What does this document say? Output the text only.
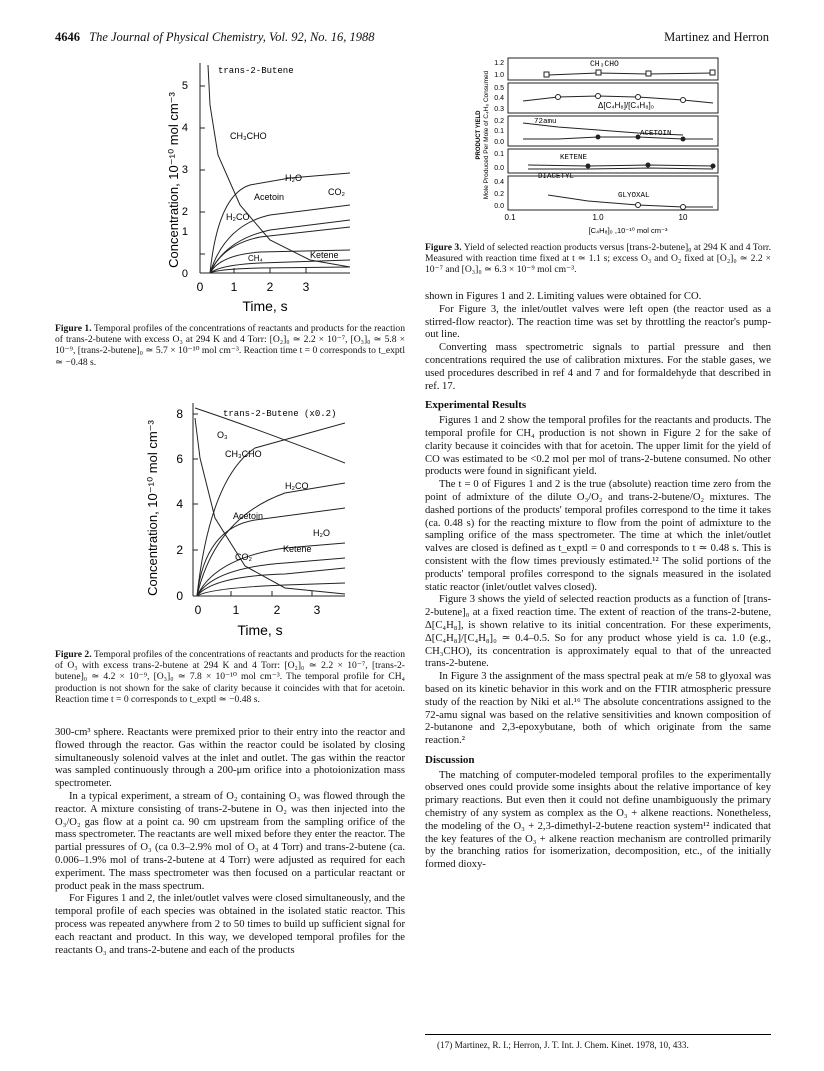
4646 The Journal of Physical Chemistry, Vol. 92, No. 16, 1988	Martinez and Herron
Concentration, 10⁻¹⁰ mol cm⁻³
0
1
2
3
4
5
0 1 2 3
Time, s
trans-2-Butene
CH₃CHO
H₂O
Acetoin	CO₂
H₂CO
CH₄	Ketene
Figure 1. Temporal profiles of the concentrations of reactants and products for the reaction of trans-2-butene with excess O₃ at 294 K and 4 Torr: [O₂]₀ ≃ 2.2 × 10⁻⁷, [O₃]₀ ≃ 5.8 × 10⁻⁹, [trans-2-butene]₀ ≃ 5.7 × 10⁻¹⁰ mol cm⁻³. Reaction time t = 0 corresponds to t_exptl ≃ −0.48 s.
Concentration, 10⁻¹⁰ mol cm⁻³
0
2
4
6
8
0	1	2	3
Time, s
trans-2-Butene (x0.2)
O₃
CH₃CHO
H₂CO
Acetoin
H₂O
Ketene
CO₂
Figure 2. Temporal profiles of the concentrations of reactants and products for the reaction of O₃ with excess trans-2-butene at 294 K and 4 Torr: [O₂]₀ ≃ 2.2 × 10⁻⁷, [trans-2-butene]₀ ≃ 4.2 × 10⁻⁹, [O₃]₀ ≃ 7.8 × 10⁻¹⁰ mol cm⁻³. The temporal profile for CH₄ production is not shown for the sake of clarity because it coincides with that for acetoin. Reaction time t = 0 corresponds to t_exptl ≃ −0.48 s.

300-cm³ sphere. Reactants were premixed prior to their entry into the reactor and flowed through the reactor. Gas within the reactor could be isolated by closing simultaneously solenoid valves at the inlet and outlet. The gas within the reactor was sampled continuously through a 200-μm orifice into a photoionization mass spectrometer.

In a typical experiment, a stream of O₂ containing O₃ was flowed through the reactor. A mixture consisting of trans-2-butene in O₂ was then injected into the O₃/O₂ gas flow at a point ca. 90 cm upstream from the sampling orifice of the mass spectrometer. The reactants are well mixed before they enter the reactor. The partial pressures of O₃ (ca 0.3–2.9% mol of O₃ at 4 Torr) and trans-2-butene (ca. 0.006–1.9% mol of trans-2-butene at 4 Torr) were adjusted as required for each experiment. The mass spectrometer was then focused on a particular reactant or product peak in the mass spectrum.

For Figures 1 and 2, the inlet/outlet valves were closed simultaneously, and the temporal profile of each species was obtained in the isolated static reactor. This process was repeated anywhere from 2 to 50 times to build up sufficient signal for each reactant and product. In this way, we developed temporal profiles for the reactants O₃ and trans-2-butene and each of the products

PRODUCT YIELD Mole Produced Per Mole of C₄H₈ Consumed
1.2
1.0
0.5
0.4
0.3
0.2
0.1
0.0
0.1
0.0
0.4
0.2
0.0
CH₃CHO
Δ[C₄H₈]/[C₄H₈]₀
72amu
ACETOIN
KETENE
DIACETYL
GLYOXAL
0.1	1.0	10
[C₄H₈]₀ ,10⁻¹⁰ mol cm⁻³
Figure 3. Yield of selected reaction products versus [trans-2-butene]₀ at 294 K and 4 Torr. Measured with reaction time fixed at t ≃ 1.1 s; excess O₃ and O₂ fixed at [O₂]₀ ≃ 2.2 × 10⁻⁷ and [O₃]₀ ≃ 6.3 × 10⁻⁹ mol cm⁻³.

shown in Figures 1 and 2. Limiting values were obtained for CO.

For Figure 3, the inlet/outlet valves were left open (the reactor used as a stirred-flow reactor). The reaction time was set by throttling the reactor's pump-out line.

Converting mass spectrometric signals to partial pressure and then concentrations required the use of calibration mixtures. For the stable gases, we used procedures described in ref 4 and 7 and for formaldehyde that described in ref. 17.

Experimental Results

Figures 1 and 2 show the temporal profiles for the reactants and products. The temporal profile for CH₄ production is not shown in Figure 2 for the sake of clarity because it coincides with that for acetoin. The upper limit for the yield of CO was estimated to be <0.2 mol per mol of trans-2-butene consumed. No other products were found in significant yield.

The t = 0 of Figures 1 and 2 is the true (absolute) reaction time zero from the point of admixture of the dilute O₃/O₂ and trans-2-butene/O₂ mixtures. The dashed portions of the products' temporal profiles correspond to the time it takes (ca. 0.48 s) for the reacting mixture to flow from the point of admixture to the sampling orifice of the mass spectrometer. The time at which the inlet/outlet valves are closed is defined as t_exptl = 0 and corresponds to t ≃ 0.48 s. This is consistent with the flow times previously estimated.¹² The solid portions of the products' temporal profiles correspond to the signals measured in the isolated static reactor (inlet/outlet valves closed).

Figure 3 shows the yield of selected reaction products as a function of [trans-2-butene]₀ at a fixed reaction time. The extent of reaction of the trans-2-butene, Δ[C₄H₈], is shown relative to its initial concentration. For these experiments, Δ[C₄H₈]/[C₄H₈]₀ ≃ 0.4–0.5. So for any product whose yield is ca. 1.0 (e.g., CH₃CHO), its concentration is approximately equal to that of the unreacted trans-2-butene.

In Figure 3 the assignment of the mass spectral peak at m/e 58 to glyoxal was based on its kinetic behavior in this work and on the FTIR atmospheric pressure study of the reaction by Niki et al.¹⁶ The absolute concentrations assigned to the 72-amu signal was based on the relative sensitivities and known composition of 2-butanone and 2,3-epoxybutane, both of which originate from the same reaction.²

Discussion

The matching of computer-modeled temporal profiles to the experimentally observed ones could provide some insights about the relative importance of key primary reactions. But even then it could not define unambiguously the primary chemistry of any system as complex as the O₃ + alkene reactions. Nonetheless, the modeling of the O₃ + 2,3-dimethyl-2-butene reaction system¹² indicated that the key features of the O₃ + alkene reaction mechanism are controlled primarily by the branching ratios for isomerization, decomposition, etc., of the initially formed dioxy-

(17) Martinez, R. I.; Herron, J. T. Int. J. Chem. Kinet. 1978, 10, 433.
